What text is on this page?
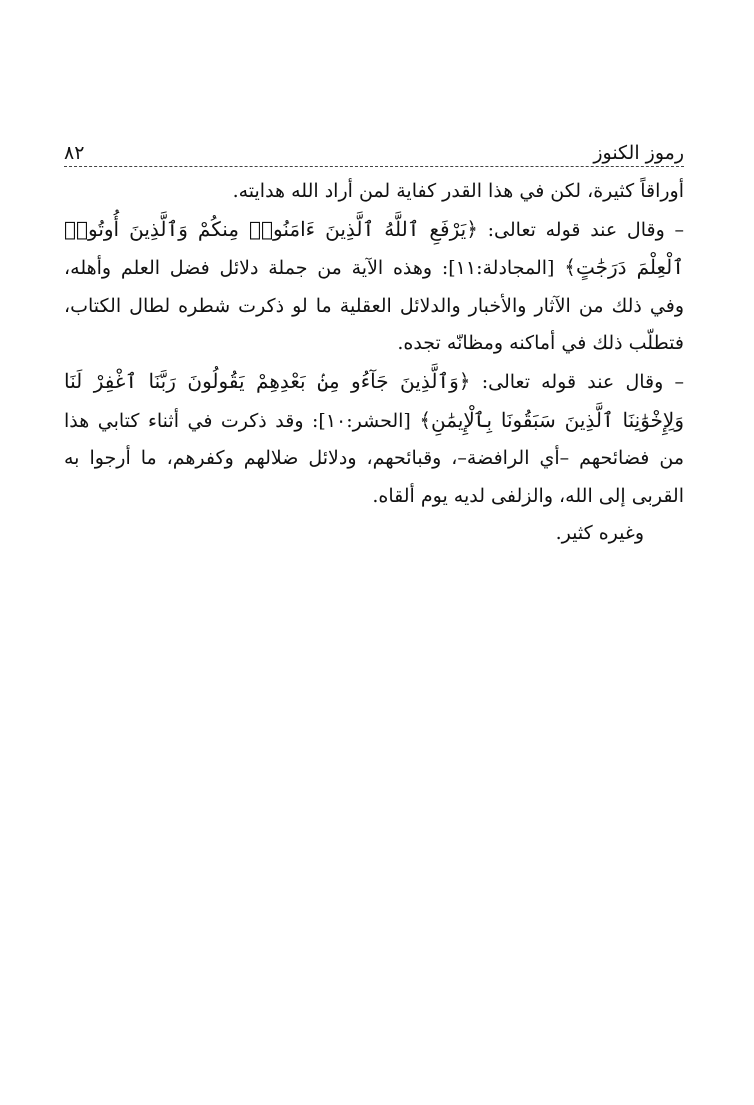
رموز الكنوز
٨٢

أوراقاً كثيرة، لكن في هذا القدر كفاية لمن أراد الله هدايته.

– وقال عند قوله تعالى: ﴿يَرْفَعِ ٱللَّهُ ٱلَّذِينَ ءَامَنُوا۟ مِنكُمْ وَٱلَّذِينَ أُوتُوا۟ ٱلْعِلْمَ دَرَجَٰتٍ﴾ [المجادلة:١١]: وهذه الآية من جملة دلائل فضل العلم وأهله، وفي ذلك من الآثار والأخبار والدلائل العقلية ما لو ذكرت شطره لطال الكتاب، فتطلّب ذلك في أماكنه ومظانّه تجده.

– وقال عند قوله تعالى: ﴿وَٱلَّذِينَ جَآءُو مِنۢ بَعْدِهِمْ يَقُولُونَ رَبَّنَا ٱغْفِرْ لَنَا وَلِإِخْوَٰنِنَا ٱلَّذِينَ سَبَقُونَا بِٱلْإِيمَٰنِ﴾ [الحشر:١٠]: وقد ذكرت في أثناء كتابي هذا من فضائحهم –أي الرافضة–، وقبائحهم، ودلائل ضلالهم وكفرهم، ما أرجوا به القربى إلى الله، والزلفى لديه يوم ألقاه.

وغيره كثير.
